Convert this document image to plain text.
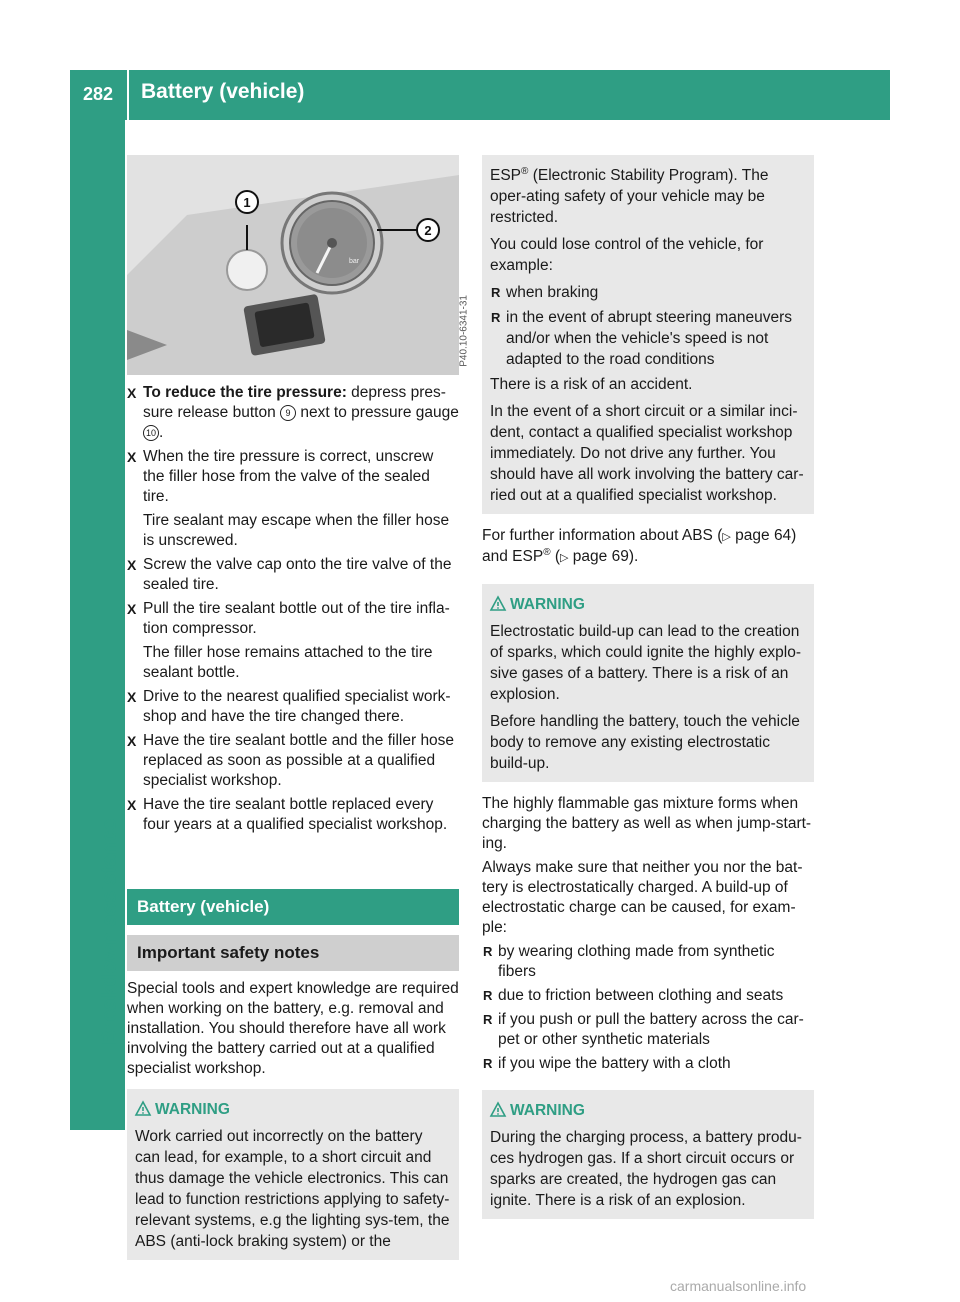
282	Battery (vehicle)
Breakdown assistance
bar
1
2
P40.10-6341-31
X To reduce the tire pressure: depress pres-sure release button 9 next to pressure gauge 10 .
X When the tire pressure is correct, unscrew the filler hose from the valve of the sealed tire.
Tire sealant may escape when the filler hose is unscrewed.
X Screw the valve cap onto the tire valve of the sealed tire.
X Pull the tire sealant bottle out of the tire infla-tion compressor.
The filler hose remains attached to the tire sealant bottle.
X Drive to the nearest qualified specialist work-shop and have the tire changed there.
X Have the tire sealant bottle and the filler hose replaced as soon as possible at a qualified specialist workshop.
X Have the tire sealant bottle replaced every four years at a qualified specialist workshop.
Battery (vehicle)
Important safety notes
Special tools and expert knowledge are required when working on the battery, e.g. removal and installation. You should therefore have all work involving the battery carried out at a qualified specialist workshop.
WARNING

Work carried out incorrectly on the battery can lead, for example, to a short circuit and thus damage the vehicle electronics. This can lead to function restrictions applying to safety-relevant systems, e.g the lighting sys-tem, the ABS (anti-lock braking system) or the

ESP® (Electronic Stability Program). The oper-ating safety of your vehicle may be restricted.

You could lose control of the vehicle, for example:

R when braking
R in the event of abrupt steering maneuvers and/or when the vehicle's speed is not adapted to the road conditions

There is a risk of an accident.

In the event of a short circuit or a similar inci-dent, contact a qualified specialist workshop immediately. Do not drive any further. You should have all work involving the battery car-ried out at a qualified specialist workshop.

For further information about ABS (▷ page 64) and ESP® (▷ page 69).
WARNING

Electrostatic build-up can lead to the creation of sparks, which could ignite the highly explo-sive gases of a battery. There is a risk of an explosion.

Before handling the battery, touch the vehicle body to remove any existing electrostatic build-up.

The highly flammable gas mixture forms when charging the battery as well as when jump-start-ing.
Always make sure that neither you nor the bat-tery is electrostatically charged. A build-up of electrostatic charge can be caused, for exam-ple:
R by wearing clothing made from synthetic fibers
R due to friction between clothing and seats
R if you push or pull the battery across the car-pet or other synthetic materials
R if you wipe the battery with a cloth
WARNING

During the charging process, a battery produ-ces hydrogen gas. If a short circuit occurs or sparks are created, the hydrogen gas can ignite. There is a risk of an explosion.

carmanualsonline.info
